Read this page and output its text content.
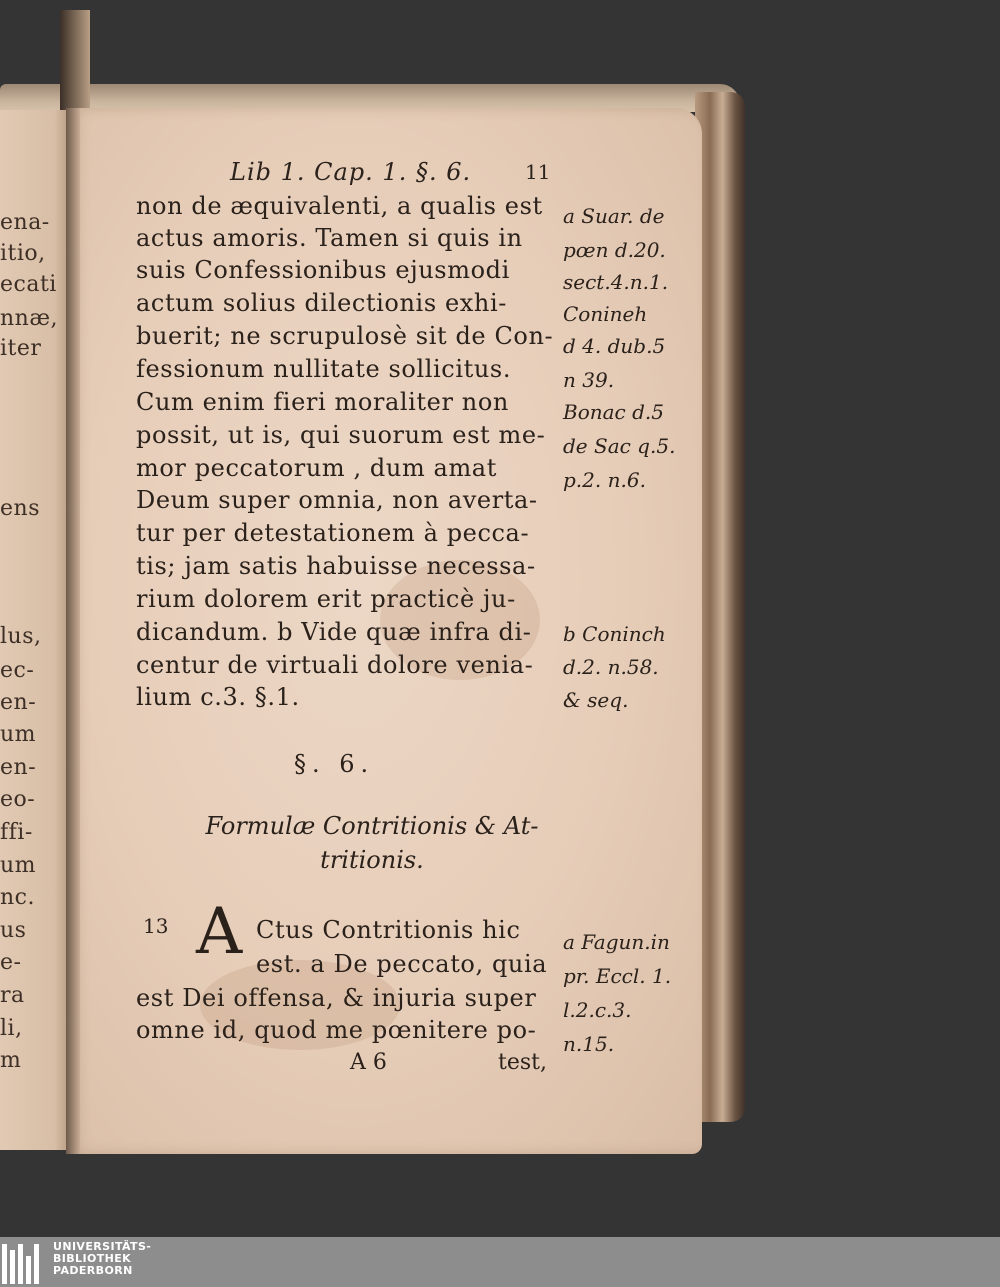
ena-
itio,
ecati
nnæ,
iter
ens
lus,
ec-
en-
um
en-
eo-
ffi-
um
nc.
us
e-
ra
li,
m
Lib 1. Cap. 1. §. 6.	11
non de æquivalenti, a qualis est
actus amoris. Tamen si quis in
suis Confessionibus ejusmodi
actum solius dilectionis exhi-
buerit; ne scrupulosè sit de Con-
fessionum nullitate sollicitus.
Cum enim fieri moraliter non
possit, ut is, qui suorum est me-
mor peccatorum , dum amat
Deum super omnia, non averta-
tur per detestationem à pecca-
tis; jam satis habuisse necessa-
rium dolorem erit practicè ju-
dicandum. b Vide quæ infra di-
centur de virtuali dolore venia-
lium c.3. §.1.
a Suar. de
pœn d.20.
sect.4.n.1.
Conineh
d 4. dub.5
n 39.
Bonac d.5
de Sac q.5.
p.2. n.6.
b Coninch
d.2. n.58.
& seq.
§. 6.
Formulæ Contritionis & At-
tritionis.
13 A Ctus Contritionis hic
est. a De peccato, quia
est Dei offensa, & injuria super
omne id, quod me pœnitere po-
a Fagun.in
pr. Eccl. 1.
l.2.c.3.
n.15.
A 6	test,
UNIVERSITÄTS-
BIBLIOTHEK
PADERBORN
